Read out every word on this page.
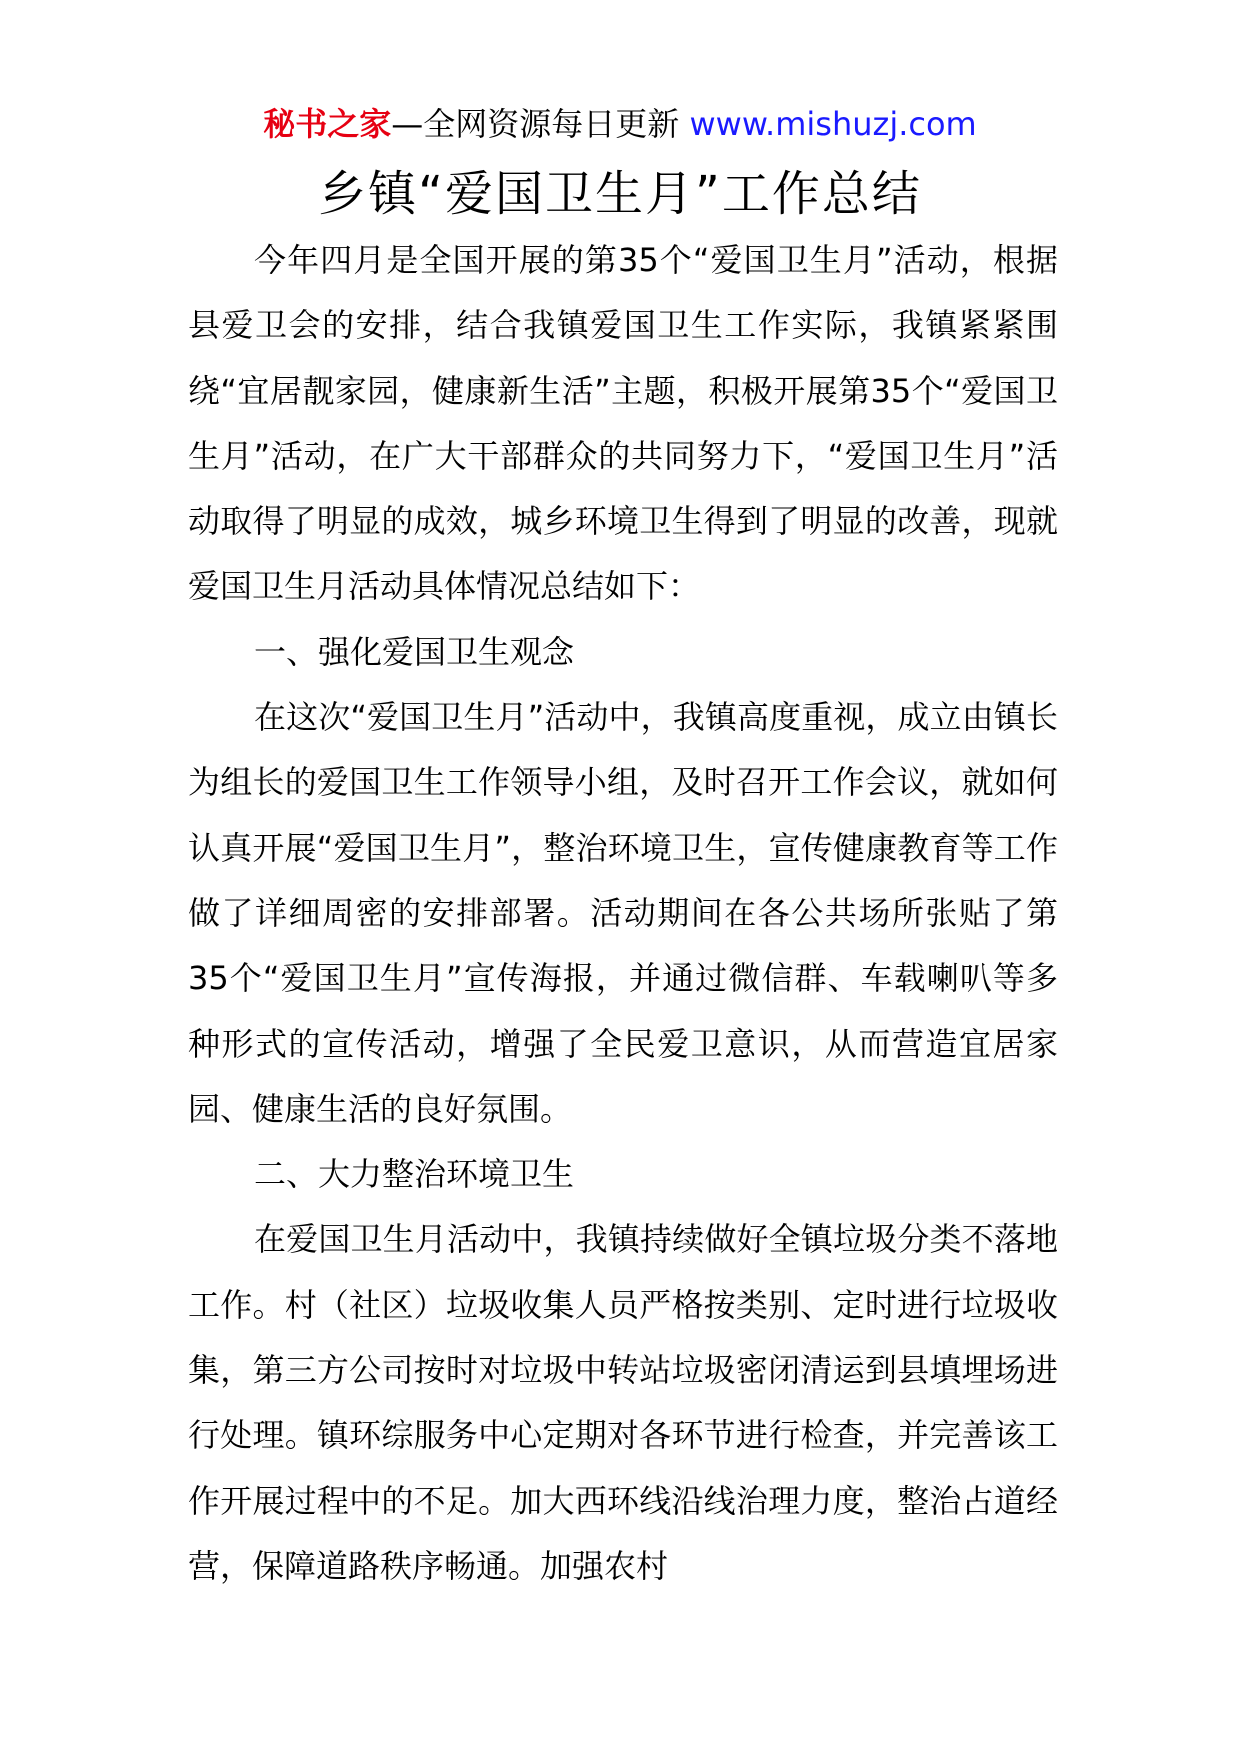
秘书之家—全网资源每日更新 www.mishuzj.com
乡镇“爱国卫生月”工作总结

今年四月是全国开展的第35个“爱国卫生月”活动，根据县爱卫会的安排，结合我镇爱国卫生工作实际，我镇紧紧围绕“宜居靓家园，健康新生活”主题，积极开展第35个“爱国卫生月”活动，在广大干部群众的共同努力下，“爱国卫生月”活动取得了明显的成效，城乡环境卫生得到了明显的改善，现就爱国卫生月活动具体情况总结如下：

一、强化爱国卫生观念

在这次“爱国卫生月”活动中，我镇高度重视，成立由镇长为组长的爱国卫生工作领导小组，及时召开工作会议，就如何认真开展“爱国卫生月”，整治环境卫生，宣传健康教育等工作做了详细周密的安排部署。活动期间在各公共场所张贴了第35个“爱国卫生月”宣传海报，并通过微信群、车载喇叭等多种形式的宣传活动，增强了全民爱卫意识，从而营造宜居家园、健康生活的良好氛围。

二、大力整治环境卫生

在爱国卫生月活动中，我镇持续做好全镇垃圾分类不落地工作。村（社区）垃圾收集人员严格按类别、定时进行垃圾收集，第三方公司按时对垃圾中转站垃圾密闭清运到县填埋场进行处理。镇环综服务中心定期对各环节进行检查，并完善该工作开展过程中的不足。加大西环线沿线治理力度，整治占道经营，保障道路秩序畅通。加强农村
